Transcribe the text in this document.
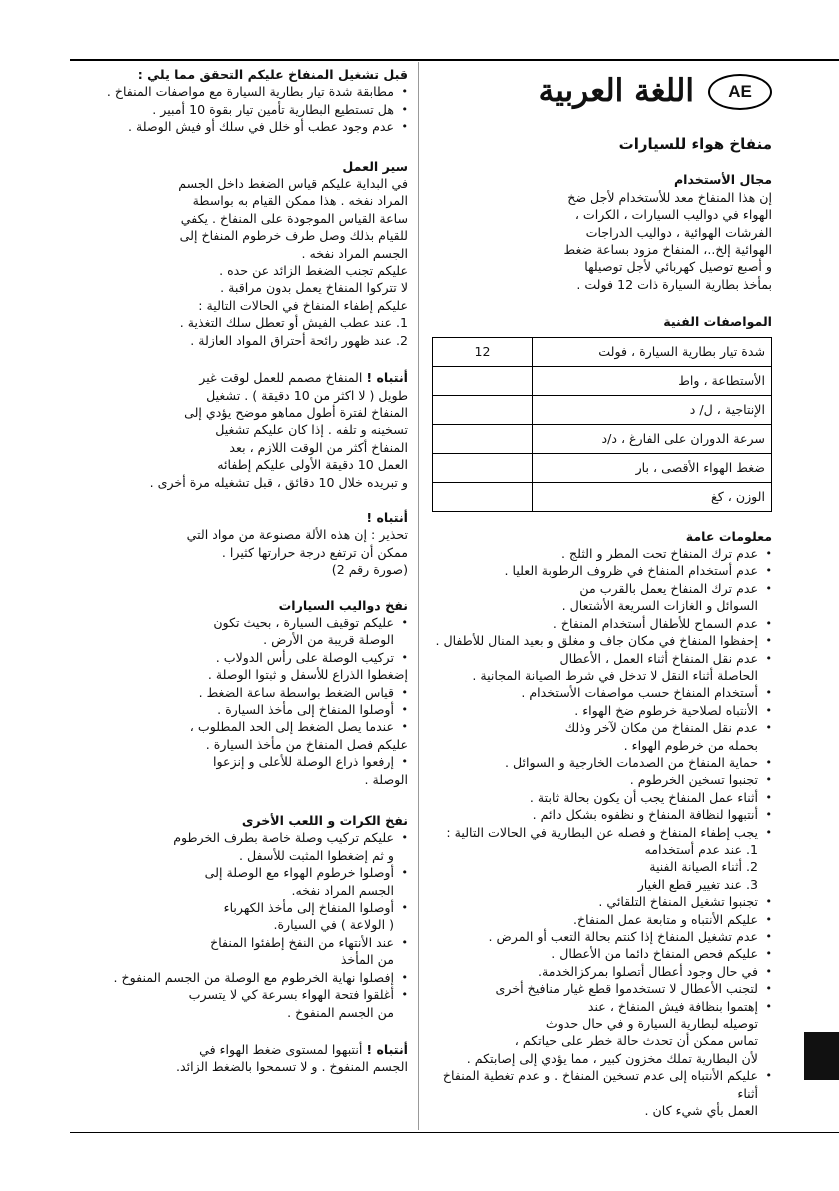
AE
اللغة العربية
منفاخ هواء للسيارات
مجال الأستخدام
إن هذا المنفاخ معد للأستخدام لأجل ضخ
الهواء في دواليب السيارات ، الكرات ،
الفرشات الهوائية ، دواليب الدراجات
الهوائية إلخ..، المنفاخ مزود بساعة ضغط
و أصبع توصيل كهربائي لأجل توصيلها
بمأخذ بطارية السيارة ذات 12 فولت .
المواصفات الفنية
شدة تيار بطارية السيارة ، فولت	12
الأستطاعة ، واط	
الإنتاجية ، ل/ د	
سرعة الدوران على الفارغ ، د/د	
ضغط الهواء الأقصى ، بار	
الوزن ، كغ	
معلومات عامة
• عدم ترك المنفاخ تحت المطر و الثلج .
• عدم أستخدام المنفاخ في ظروف الرطوبة العليا .
• عدم ترك المنفاخ يعمل بالقرب من
السوائل و الغازات السريعة الأشتعال .
• عدم السماح للأطفال أستخدام المنفاخ .
• إحفظوا المنفاخ في مكان جاف و مغلق و بعيد المنال للأطفال .
• عدم نقل المنفاخ أثناء العمل ، الأعطال
الحاصلة أثناء النقل لا تدخل في شرط الصيانة المجانية .
• أستخدام المنفاخ حسب مواصفات الأستخدام .
• الأنتباه لصلاحية خرطوم ضخ الهواء .
• عدم نقل المنفاخ من مكان لآخر وذلك
بحمله من خرطوم الهواء .
• حماية المنفاخ من الصدمات الخارجية و السوائل .
• تجنبوا تسخين الخرطوم .
• أثناء عمل المنفاخ يجب أن يكون بحالة ثابتة .
• أنتبهوا لنظافة المنفاخ و نظفوه بشكل دائم .
• يجب إطفاء المنفاخ و فصله عن البطارية في الحالات التالية :
1. عند عدم أستخدامه
2. أثناء الصيانة الفنية
3. عند تغيير قطع الغيار
• تجنبوا تشغيل المنفاخ التلقائي .
• عليكم الأنتباه و متابعة عمل المنفاخ.
• عدم تشغيل المنفاخ إذا كنتم بحالة التعب أو المرض .
• عليكم فحص المنفاخ دائما من الأعطال .
• في حال وجود أعطال أتصلوا بمركزالخدمة.
• لتجنب الأعطال لا تستخدموا قطع غيار منافيخ أخرى
• إهتموا بنظافة فيش المنفاخ ، عند
توصيله لبطارية السيارة و في حال حدوث
تماس ممكن أن تحدث حالة خطر على حياتكم ،
لأن البطارية تملك مخزون كبير ، مما يؤدي إلى إصابتكم .
• عليكم الأنتباه إلى عدم تسخين المنفاخ . و عدم تغطية المنفاخ أثناء
العمل بأي شيء كان .
قبل تشغيل المنفاخ عليكم التحقق مما يلي :
• مطابقة شدة تيار بطارية السيارة مع مواصفات المنفاخ .
• هل تستطيع البطارية تأمين تيار بقوة 10 أمبير .
• عدم وجود عطب أو خلل في سلك أو فيش الوصلة .
سير العمل
في البداية عليكم قياس الضغط داخل الجسم
المراد نفخه . هذا ممكن القيام به بواسطة
ساعة القياس الموجودة على المنفاخ . يكفي
للقيام بذلك وصل طرف خرطوم المنفاخ إلى
الجسم المراد نفخه .
عليكم تجنب الضغط الزائد عن حده .
لا تتركوا المنفاخ يعمل بدون مراقبة .
عليكم إطفاء المنفاخ في الحالات التالية :
1. عند عطب الفيش أو تعطل سلك التغذية .
2. عند ظهور رائحة أحتراق المواد العازلة .
أنتباه ! المنفاخ مصمم للعمل لوقت غير
طويل ( لا اكثر من 10 دقيقة ) . تشغيل
المنفاخ لفترة أطول مماهو موضح يؤدي إلى
تسخينه و تلفه . إذا كان عليكم تشغيل
المنفاخ أكثر من الوقت اللازم ، بعد
العمل 10 دقيقة الأولى عليكم إطفائه
و تبريده خلال 10 دقائق ، قبل تشغيله مرة أخرى .
أنتباه !
تحذير : إن هذه الألة مصنوعة من مواد التي
ممكن أن ترتفع درجة حرارتها كثيرا .
(صورة رقم 2)
نفخ دواليب السيارات
• عليكم توقيف السيارة ، بحيث تكون
الوصلة قريبة من الأرض .
• تركيب الوصلة على رأس الدولاب .
إضغطوا الذراع للأسفل و ثبتوا الوصلة .
• قياس الضغط بواسطة ساعة الضغط .
• أوصلوا المنفاخ إلى مأخذ السيارة .
• عندما يصل الضغط إلى الحد المطلوب ،
عليكم فصل المنفاخ من مأخذ السيارة .
• إرفعوا ذراع الوصلة للأعلى و إنزعوا
الوصلة .
نفخ الكرات و اللعب الأخرى
• عليكم تركيب وصلة خاصة بطرف الخرطوم
و ثم إضغطوا المثبت للأسفل .
• أوصلوا خرطوم الهواء مع الوصلة إلى
الجسم المراد نفخه.
• أوصلوا المنفاخ إلى مأخذ الكهرباء
( الولاعة ) في السيارة.
• عند الأنتهاء من النفخ إطفئوا المنفاخ
من المأخذ
• إفصلوا نهاية الخرطوم مع الوصلة من الجسم المنفوخ .
• أغلقوا فتحة الهواء بسرعة كي لا يتسرب
من الجسم المنفوخ .
أنتباه ! أنتبهوا لمستوى ضغط الهواء في
الجسم المنفوخ . و لا تسمحوا بالضغط الزائد.
